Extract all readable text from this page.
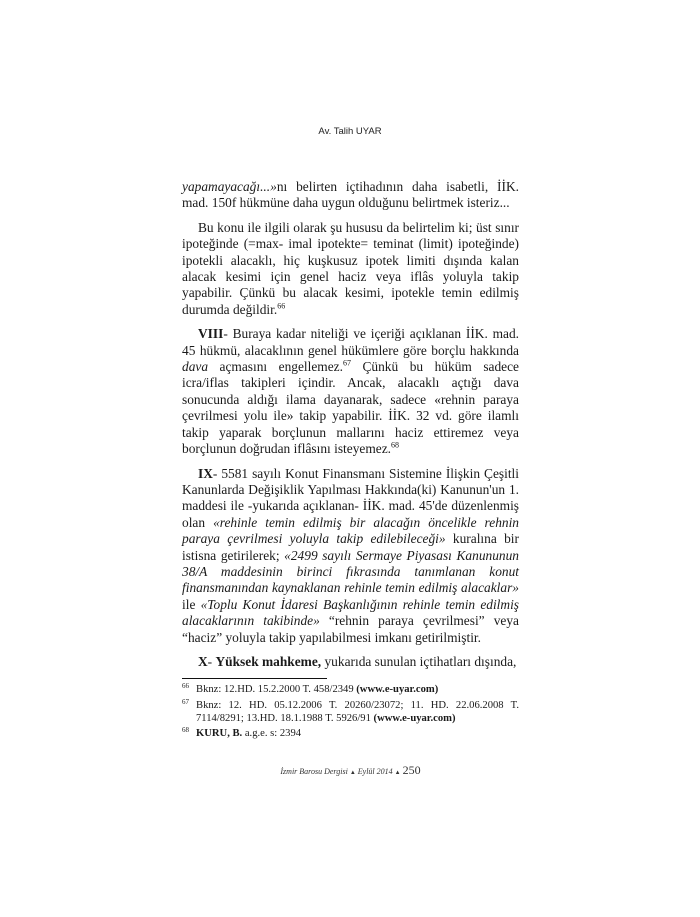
Av. Talih UYAR

yapamayacağı...»nı belirten içtihadının daha isabetli, İİK. mad. 150f hükmüne daha uygun olduğunu belirtmek isteriz...

Bu konu ile ilgili olarak şu hususu da belirtelim ki; üst sınır ipoteğinde (=max- imal ipotekte= teminat (limit) ipoteğinde) ipotekli alacaklı, hiç kuşkusuz ipotek limiti dışında kalan alacak kesimi için genel haciz veya iflâs yoluyla takip yapabilir. Çünkü bu alacak kesimi, ipotekle temin edilmiş durumda değildir.$^{66}$

VIII- Buraya kadar niteliği ve içeriği açıklanan İİK. mad. 45 hükmü, alacaklının genel hükümlere göre borçlu hakkında dava açmasını engellemez.$^{67}$ Çünkü bu hüküm sadece icra/iflas takipleri içindir. Ancak, alacaklı açtığı dava sonucunda aldığı ilama dayanarak, sadece «rehnin paraya çevrilmesi yolu ile» takip yapabilir. İİK. 32 vd. göre ilamlı takip yaparak borçlunun mallarını haciz ettiremez veya borçlunun doğrudan iflâsını isteyemez.$^{68}$

IX- 5581 sayılı Konut Finansmanı Sistemine İlişkin Çeşitli Kanunlarda Değişiklik Yapılması Hakkında(ki) Kanunun'un 1. maddesi ile -yukarıda açıklanan- İİK. mad. 45'de düzenlenmiş olan «rehinle temin edilmiş bir alacağın öncelikle rehnin paraya çevrilmesi yoluyla takip edilebileceği» kuralına bir istisna getirilerek; «2499 sayılı Sermaye Piyasası Kanununun 38/A maddesinin birinci fıkrasında tanımlanan konut finansmanından kaynaklanan rehinle temin edilmiş alacaklar» ile «Toplu Konut İdaresi Başkanlığının rehinle temin edilmiş alacaklarının takibinde» “rehnin paraya çevrilmesi” veya “haciz” yoluyla takip yapılabilmesi imkanı getirilmiştir.

X- Yüksek mahkeme, yukarıda sunulan içtihatları dışında,

66 Bknz: 12.HD. 15.2.2000 T. 458/2349 (www.e-uyar.com)
67 Bknz: 12. HD. 05.12.2006 T. 20260/23072; 11. HD. 22.06.2008 T. 7114/8291; 13.HD. 18.1.1988 T. 5926/91 (www.e-uyar.com)
68 KURU, B. a.g.e. s: 2394
İzmir Barosu Dergisi ▲ Eylül 2014 ▲ 250
